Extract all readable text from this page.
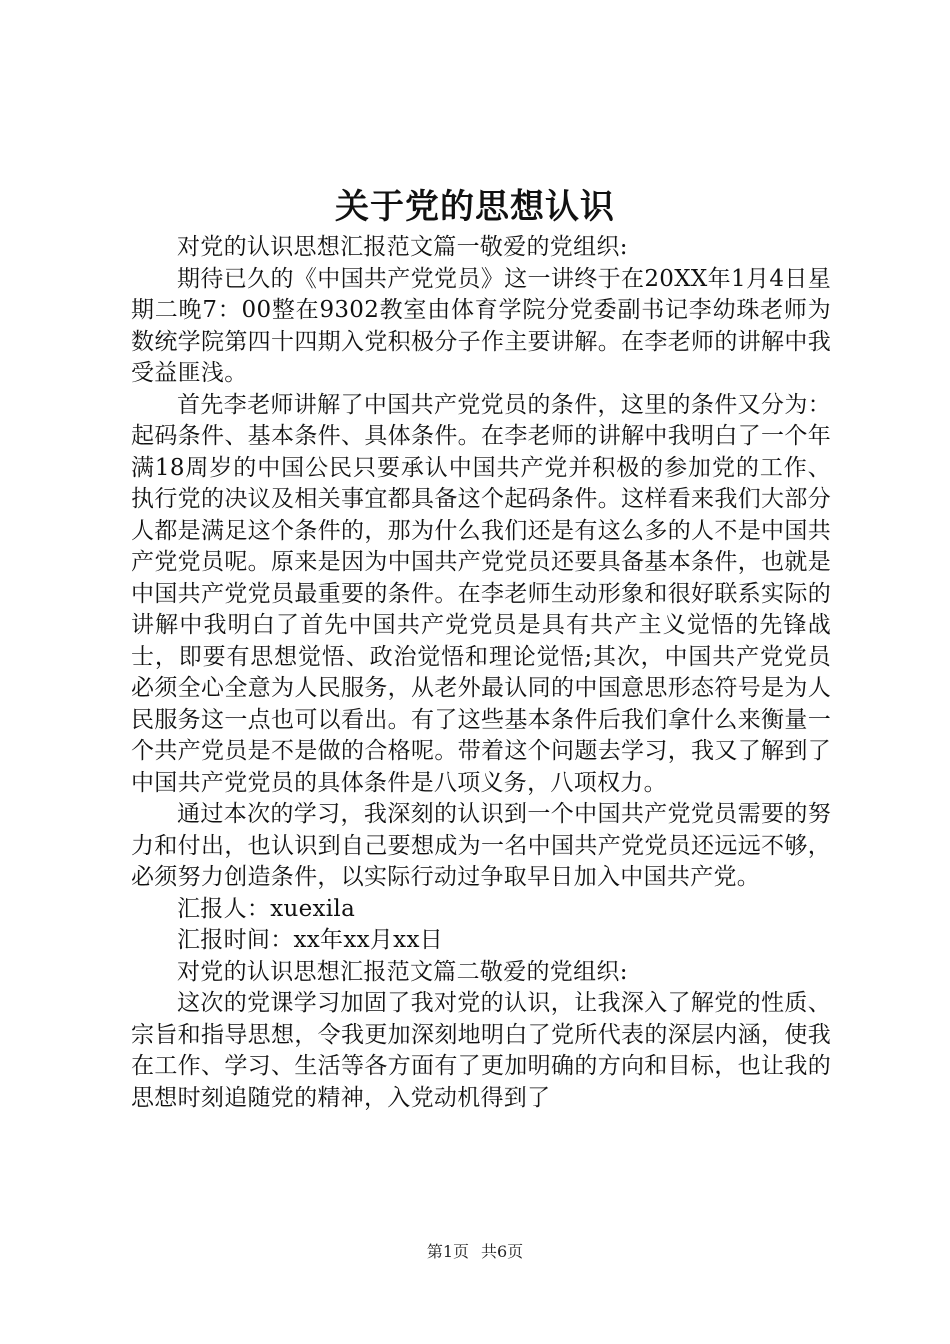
关于党的思想认识

对党的认识思想汇报范文篇一敬爱的党组织:

期待已久的《中国共产党党员》这一讲终于在20XX年1月4日星期二晚7：00整在9302教室由体育学院分党委副书记李幼珠老师为数统学院第四十四期入党积极分子作主要讲解。在李老师的讲解中我受益匪浅。

首先李老师讲解了中国共产党党员的条件，这里的条件又分为：起码条件、基本条件、具体条件。在李老师的讲解中我明白了一个年满18周岁的中国公民只要承认中国共产党并积极的参加党的工作、执行党的决议及相关事宜都具备这个起码条件。这样看来我们大部分人都是满足这个条件的，那为什么我们还是有这么多的人不是中国共产党党员呢。原来是因为中国共产党党员还要具备基本条件，也就是中国共产党党员最重要的条件。在李老师生动形象和很好联系实际的讲解中我明白了首先中国共产党党员是具有共产主义觉悟的先锋战士，即要有思想觉悟、政治觉悟和理论觉悟;其次，中国共产党党员必须全心全意为人民服务，从老外最认同的中国意思形态符号是为人民服务这一点也可以看出。有了这些基本条件后我们拿什么来衡量一个共产党员是不是做的合格呢。带着这个问题去学习，我又了解到了中国共产党党员的具体条件是八项义务，八项权力。

通过本次的学习，我深刻的认识到一个中国共产党党员需要的努力和付出，也认识到自己要想成为一名中国共产党党员还远远不够，必须努力创造条件，以实际行动过争取早日加入中国共产党。

汇报人：xuexila

汇报时间：xx年xx月xx日

对党的认识思想汇报范文篇二敬爱的党组织:

这次的党课学习加固了我对党的认识，让我深入了解党的性质、宗旨和指导思想，令我更加深刻地明白了党所代表的深层内涵，使我在工作、学习、生活等各方面有了更加明确的方向和目标，也让我的思想时刻追随党的精神，入党动机得到了

第1页 共6页
